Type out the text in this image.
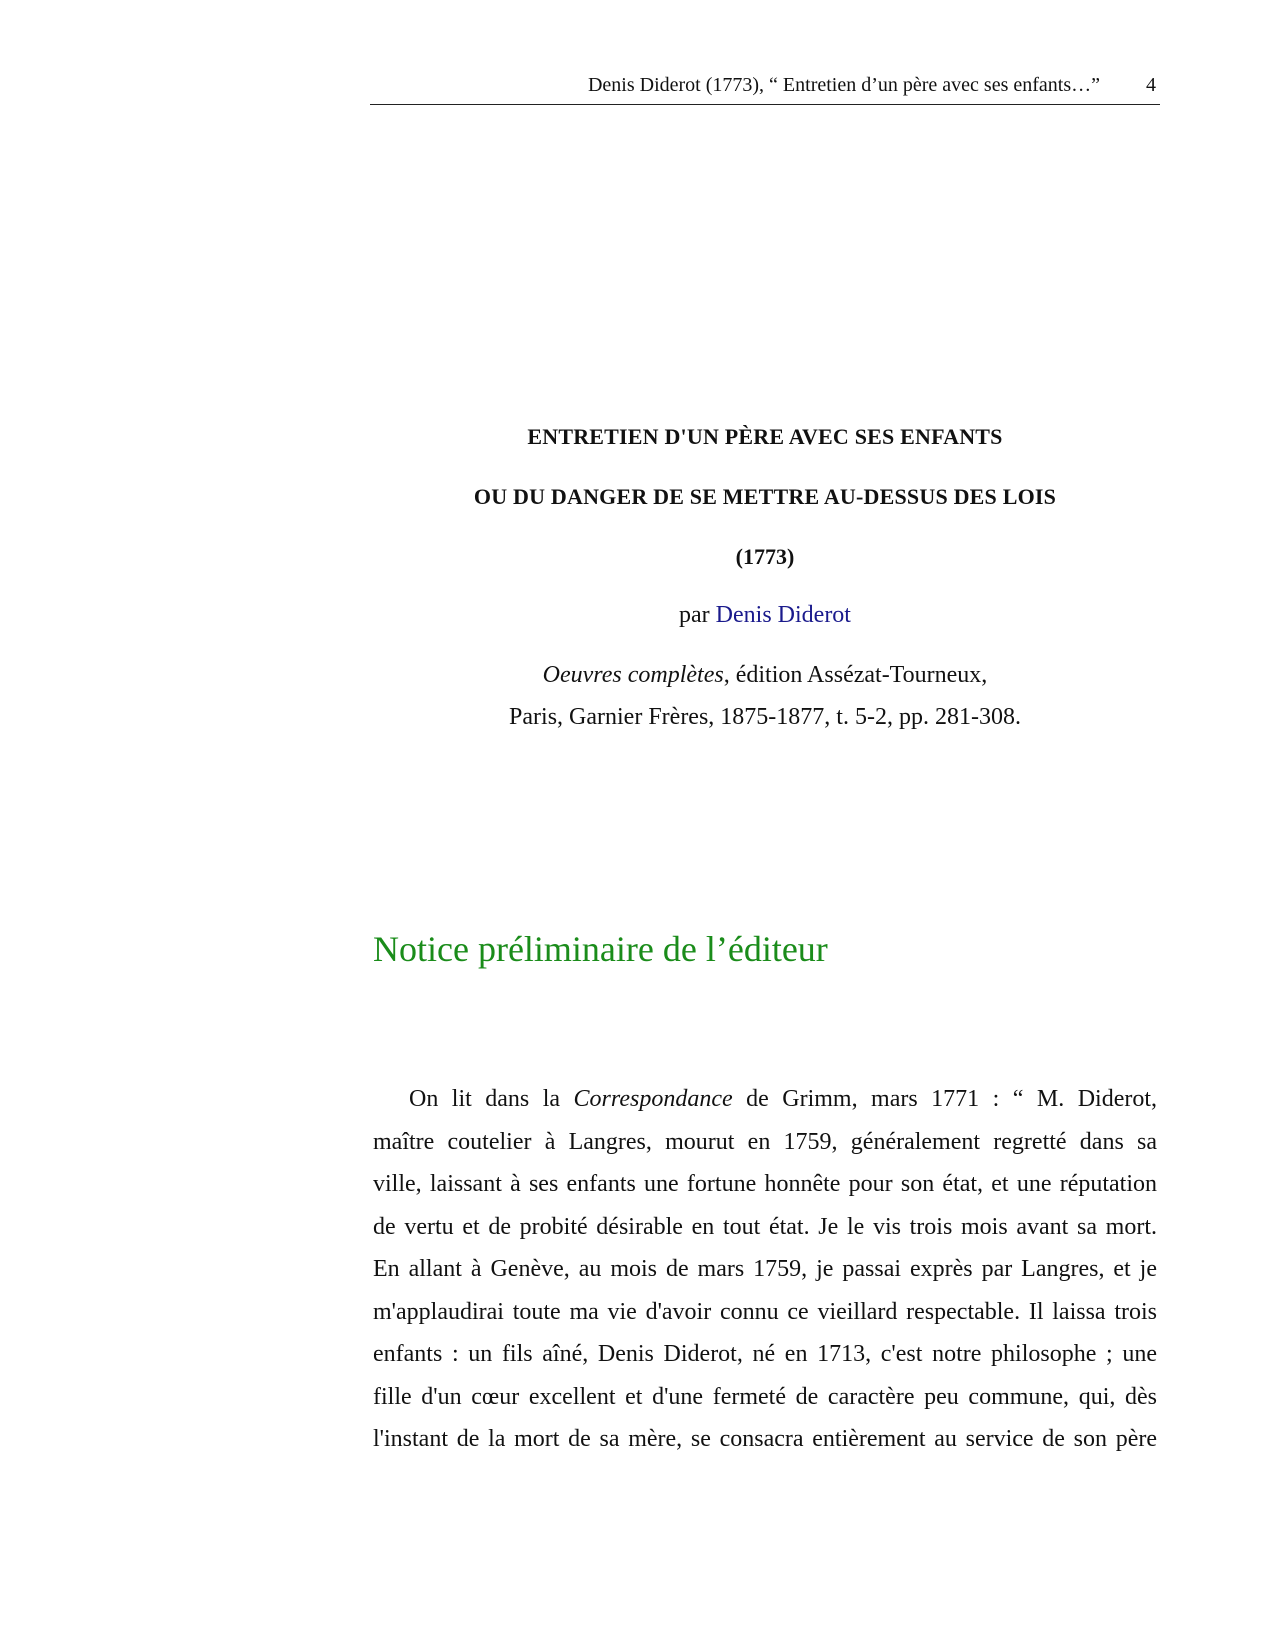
Denis Diderot (1773), “ Entretien d’un père avec ses enfants…” 4
ENTRETIEN D'UN PÈRE AVEC SES ENFANTS
OU DU DANGER DE SE METTRE AU-DESSUS DES LOIS
(1773)
par Denis Diderot
Oeuvres complètes, édition Assézat-Tourneux,
Paris, Garnier Frères, 1875-1877, t. 5-2, pp. 281-308.
Notice préliminaire de l’éditeur
On lit dans la Correspondance de Grimm, mars 1771 : “ M. Diderot,
maître coutelier à Langres, mourut en 1759, généralement regretté dans sa
ville, laissant à ses enfants une fortune honnête pour son état, et une réputation
de vertu et de probité désirable en tout état. Je le vis trois mois avant sa mort.
En allant à Genève, au mois de mars 1759, je passai exprès par Langres, et je
m'applaudirai toute ma vie d'avoir connu ce vieillard respectable. Il laissa trois
enfants : un fils aîné, Denis Diderot, né en 1713, c'est notre philosophe ; une
fille d'un cœur excellent et d'une fermeté de caractère peu commune, qui, dès
l'instant de la mort de sa mère, se consacra entièrement au service de son père
